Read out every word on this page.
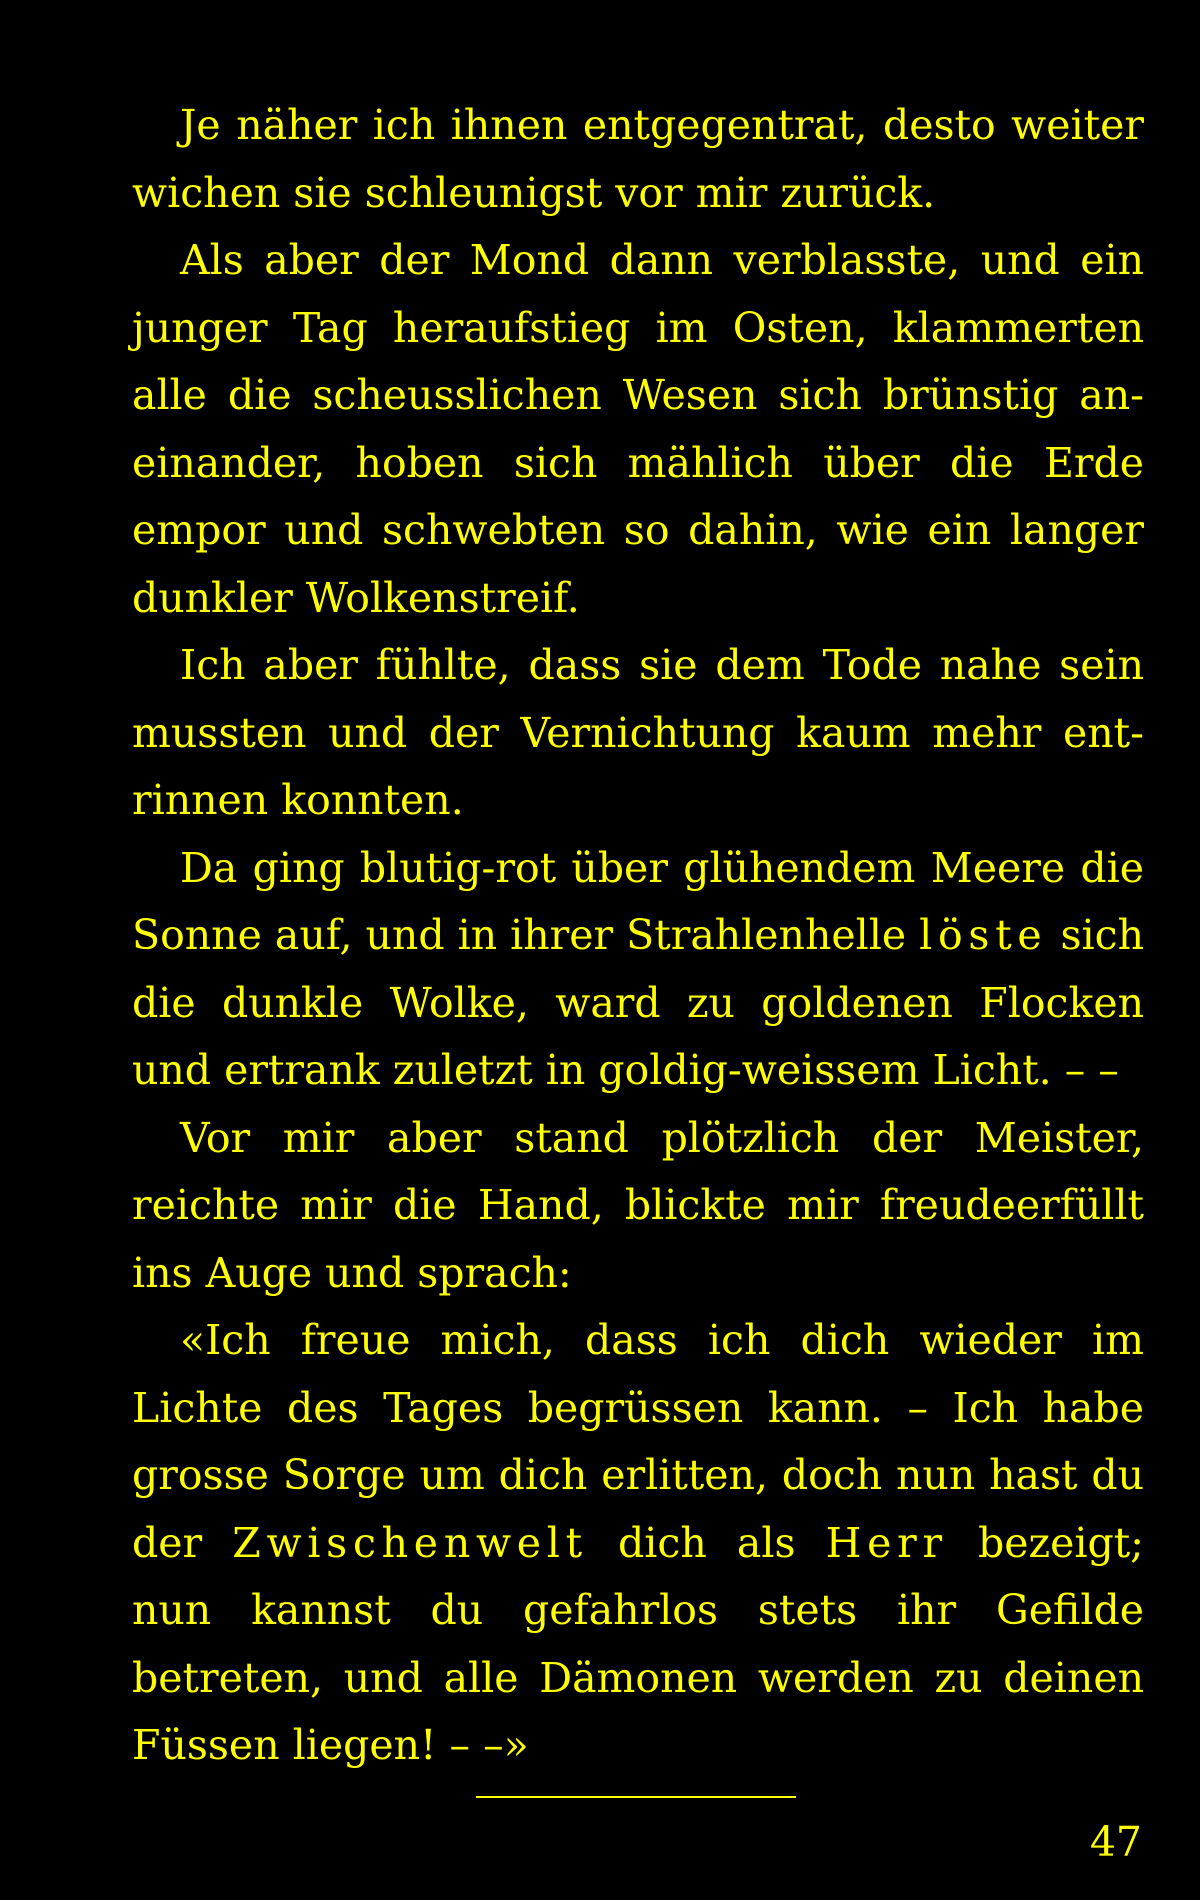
Je näher ich ihnen entgegentrat, desto weiter wichen sie schleunigst vor mir zurück.

Als aber der Mond dann verblasste, und ein junger Tag heraufstieg im Osten, klammerten alle die scheusslichen Wesen sich brünstig aneinander, hoben sich mählich über die Erde empor und schwebten so dahin, wie ein langer dunkler Wolkenstreif.

Ich aber fühlte, dass sie dem Tode nahe sein mussten und der Vernichtung kaum mehr entrinnen konnten.

Da ging blutig-rot über glühendem Meere die Sonne auf, und in ihrer Strahlenhelle löste sich die dunkle Wolke, ward zu goldenen Flocken und ertrank zuletzt in goldig-weissem Licht. – –

Vor mir aber stand plötzlich der Meister, reichte mir die Hand, blickte mir freudeerfüllt ins Auge und sprach:

«Ich freue mich, dass ich dich wieder im Lichte des Tages begrüssen kann. – Ich habe grosse Sorge um dich erlitten, doch nun hast du der Zwischenwelt dich als Herr bezeigt; nun kannst du gefahrlos stets ihr Gefilde betreten, und alle Dämonen werden zu deinen Füssen liegen! – –»

47
